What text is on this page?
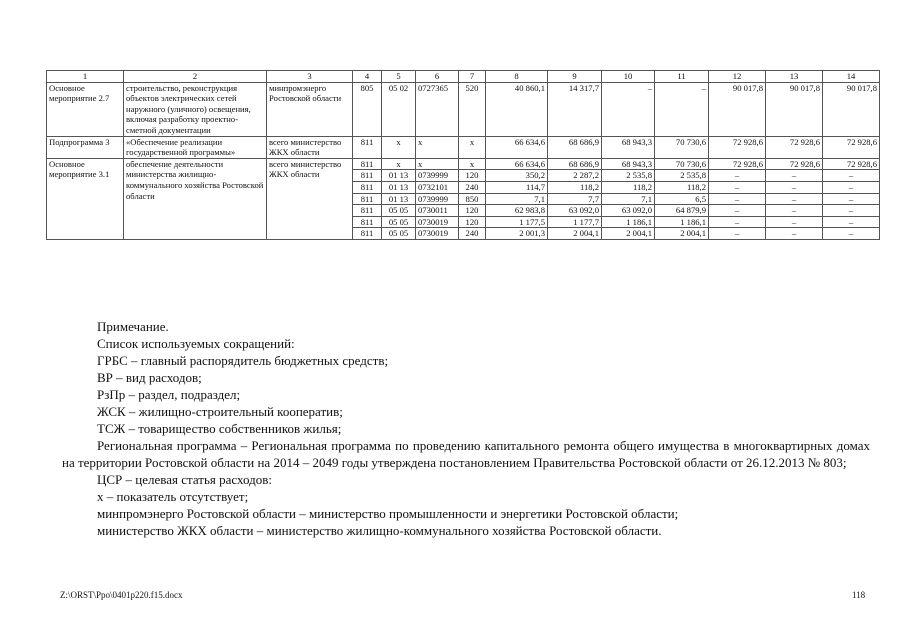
1	2	3	4	5	6	7	8	9	10	11	12	13	14
Основное мероприятие 2.7	строительство, реконструкция объектов электрических сетей наружного (уличного) освещения, включая разработку проектно-сметной документации	минпромэнерго Ростовской области	805	05 02	0727365	520	40 860,1	14 317,7	–	–	90 017,8	90 017,8	90 017,8
Подпрограмма 3	«Обеспечение реализации государственной программы»	всего министерство ЖКХ области	811	х	х	х	66 634,6	68 686,9	68 943,3	70 730,6	72 928,6	72 928,6	72 928,6
Основное мероприятие 3.1	обеспечение деятельности министерства жилищно-коммунального хозяйства Ростовской области	всего министерство ЖКХ области	811	х	х	х	66 634,6	68 686,9	68 943,3	70 730,6	72 928,6	72 928,6	72 928,6
			811	01 13	0739999	120	350,2	2 287,2	2 535,8	2 535,8	–	–	–
			811	01 13	0732101	240	114,7	118,2	118,2	118,2	–	–	–
			811	01 13	0739999	850	7,1	7,7	7,1	6,5	–	–	–
			811	05 05	0730011	120	62 983,8	63 092,0	63 092,0	64 879,9	–	–	–
			811	05 05	0730019	120	1 177,5	1 177,7	1 186,1	1 186,1	–	–	–
			811	05 05	0730019	240	2 001,3	2 004,1	2 004,1	2 004,1	–	–	–

Примечание.

Список используемых сокращений:

ГРБС – главный распорядитель бюджетных средств;

ВР – вид расходов;

РзПр – раздел, подраздел;

ЖСК – жилищно-строительный кооператив;

ТСЖ – товарищество собственников жилья;

Региональная программа – Региональная программа по проведению капитального ремонта общего имущества в многоквартирных домах на территории Ростовской области на 2014 – 2049 годы утверждена постановлением Правительства Ростовской области от 26.12.2013 № 803;

ЦСР – целевая статья расходов:

х – показатель отсутствует;

минпромэнерго Ростовской области – министерство промышленности и энергетики Ростовской области;

министерство ЖКХ области – министерство жилищно-коммунального хозяйства Ростовской области.

Z:\ORST\Ppo\0401p220.f15.docx	118
